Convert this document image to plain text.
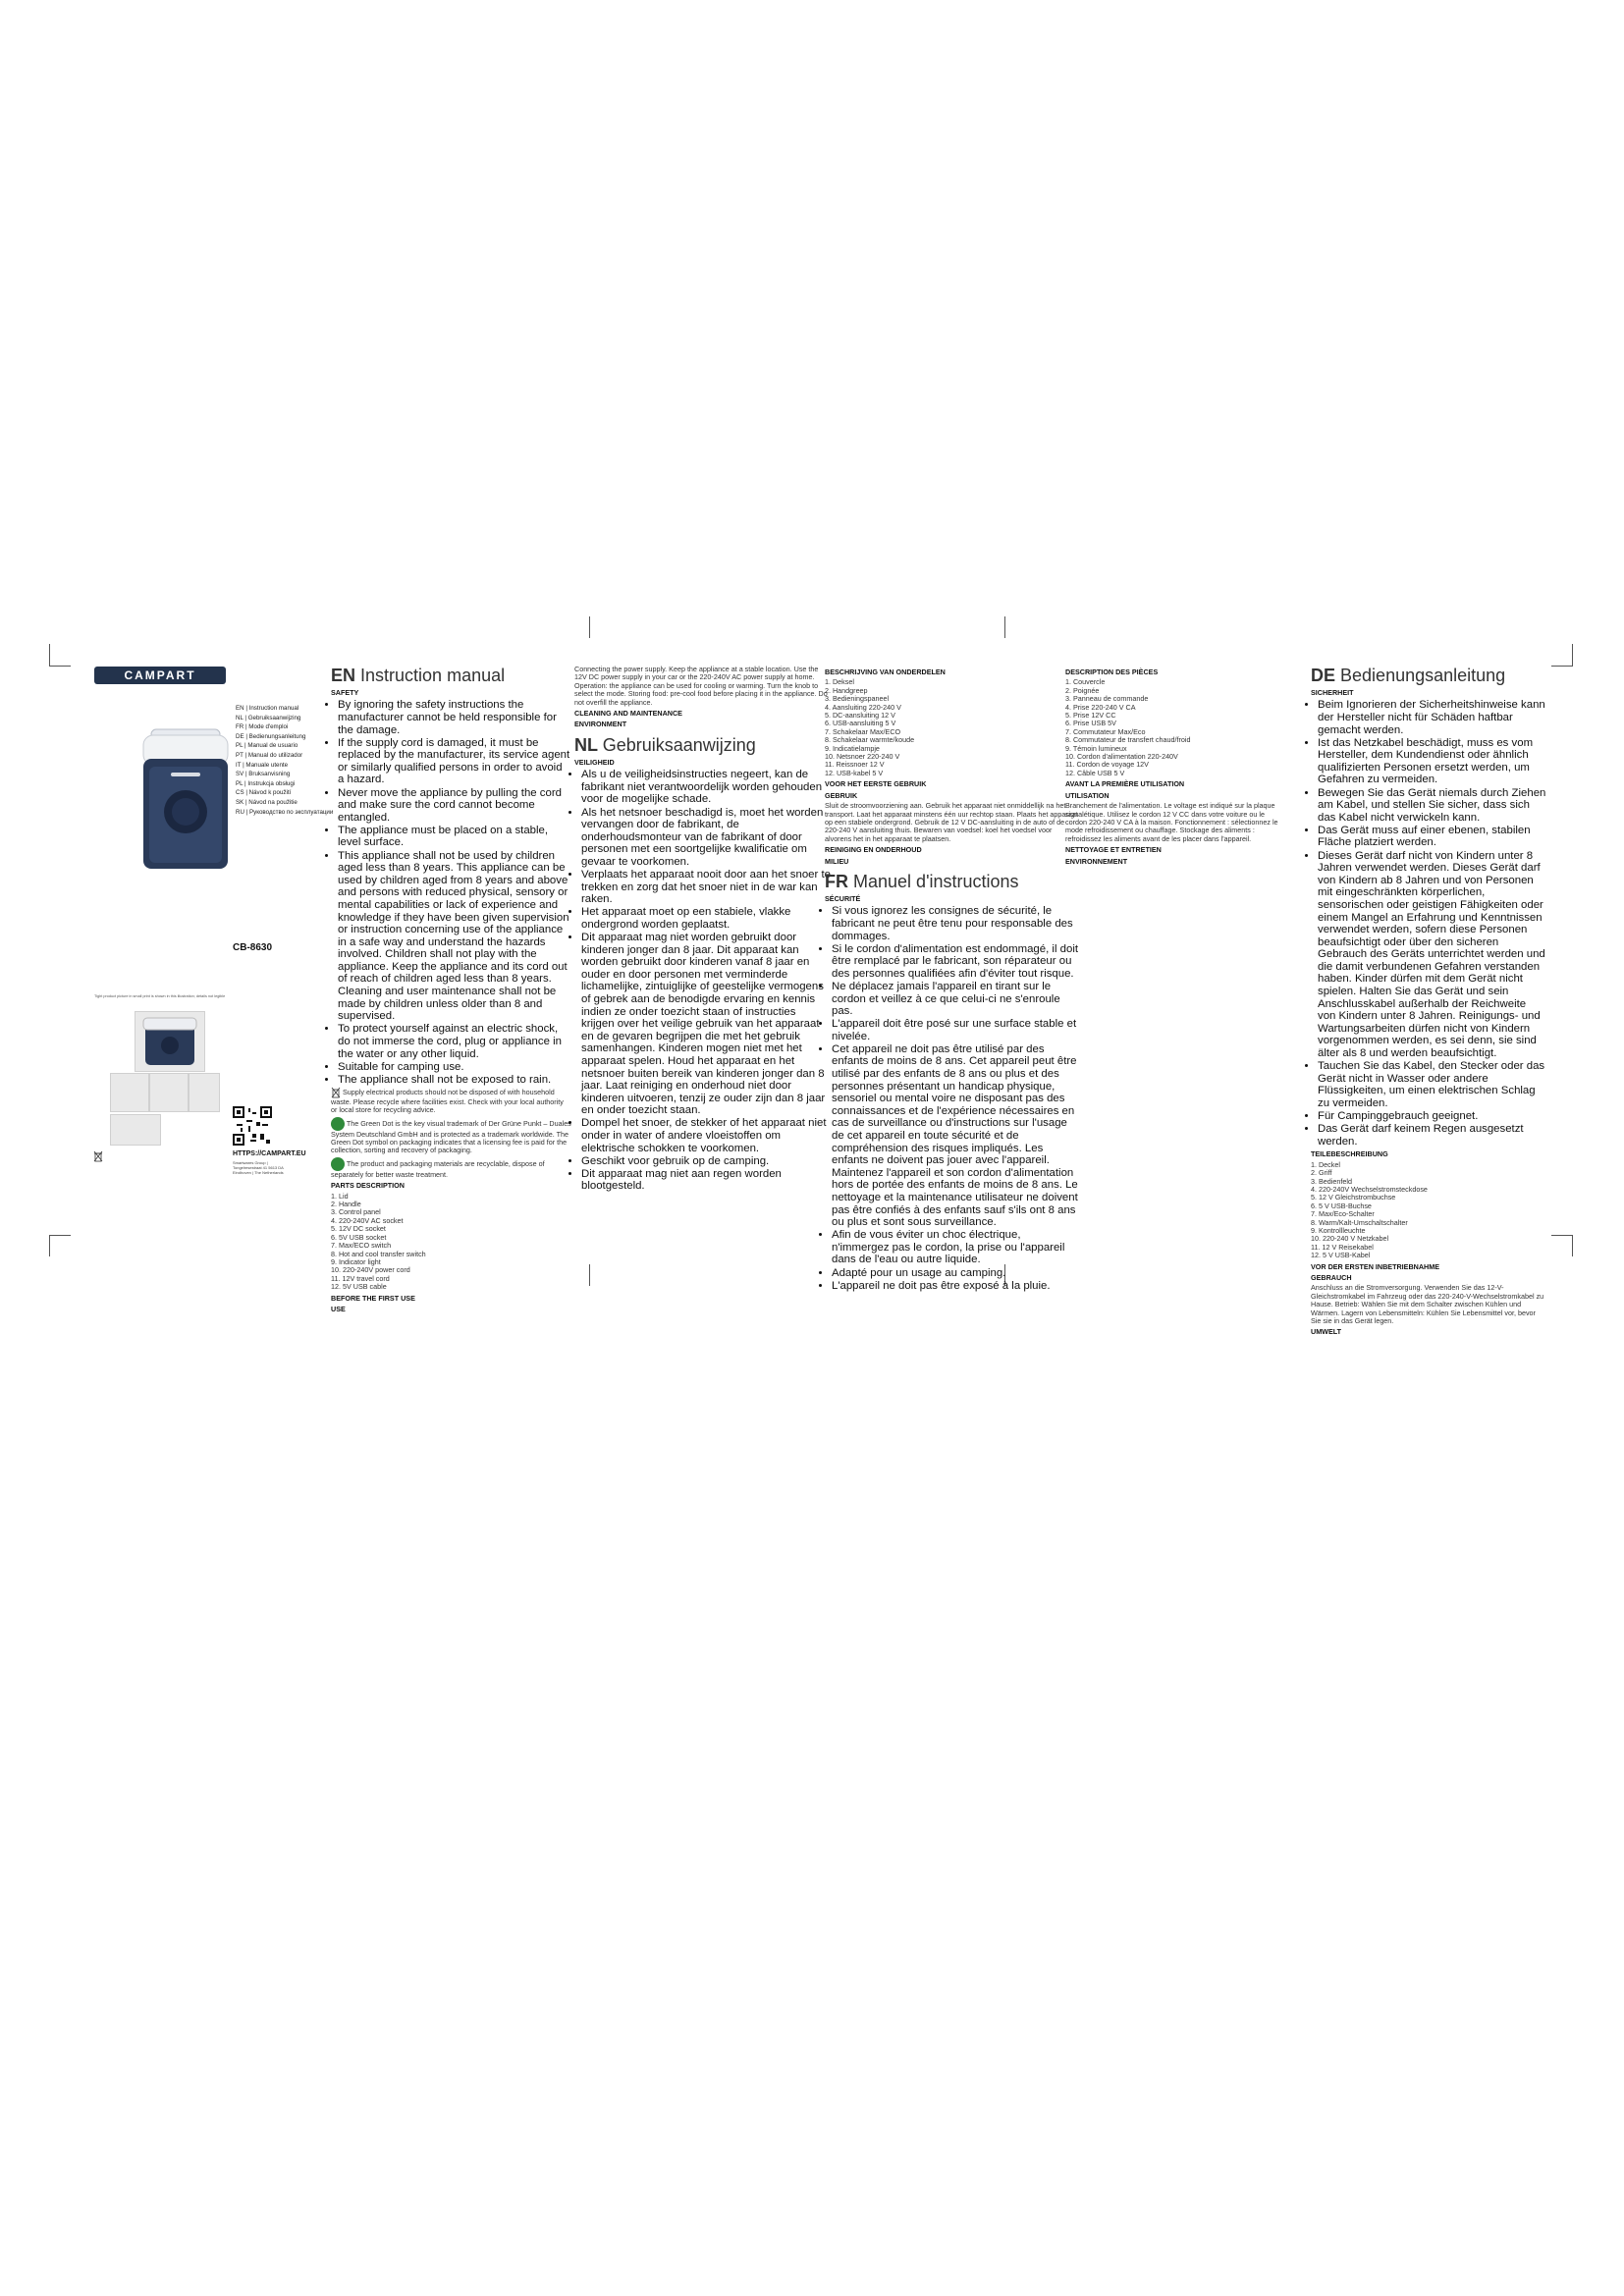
CAMPART
EN | Instruction manual
NL | Gebruiksaanwijzing
FR | Mode d'emploi
DE | Bedienungsanleitung
PL | Manual de usuario
PT | Manual do utilizador
IT | Manuale utente
SV | Bruksanvisning
PL | Instrukcja obsługi
CS | Návod k použití
SK | Návod na použitie
RU | Руководство по эксплуатации
CB-8630
Tight product picture in small print is shown in this illustration; details not legible
HTTPS://CAMPART.EU
Smartwares Group | Tongelresestraat 41 5613 DA Eindhoven | The Netherlands
EN Instruction manual

SAFETY

• By ignoring the safety instructions the manufacturer cannot be held responsible for the damage.
• If the supply cord is damaged, it must be replaced by the manufacturer, its service agent or similarly qualified persons in order to avoid a hazard.
• Never move the appliance by pulling the cord and make sure the cord cannot become entangled.
• The appliance must be placed on a stable, level surface.
• This appliance shall not be used by children aged less than 8 years. This appliance can be used by children aged from 8 years and above and persons with reduced physical, sensory or mental capabilities or lack of experience and knowledge if they have been given supervision or instruction concerning use of the appliance in a safe way and understand the hazards involved. Children shall not play with the appliance. Keep the appliance and its cord out of reach of children aged less than 8 years. Cleaning and user maintenance shall not be made by children unless older than 8 and supervised.
• To protect yourself against an electric shock, do not immerse the cord, plug or appliance in the water or any other liquid.
• Suitable for camping use.
• The appliance shall not be exposed to rain.

Supply electrical products should not be disposed of with household waste. Please recycle where facilities exist. Check with your local authority or local store for recycling advice.

The Green Dot is the key visual trademark of Der Grüne Punkt – Duales System Deutschland GmbH and is protected as a trademark worldwide. The Green Dot symbol on packaging indicates that a licensing fee is paid for the collection, sorting and recovery of packaging.

The product and packaging materials are recyclable, dispose of separately for better waste treatment.

PARTS DESCRIPTION

1. Lid
2. Handle
3. Control panel
4. 220-240V AC socket
5. 12V DC socket
6. 5V USB socket
7. Max/ECO switch
8. Hot and cool transfer switch
9. Indicator light
10. 220-240V power cord
11. 12V travel cord
12. 5V USB cable

BEFORE THE FIRST USE

USE

Connecting the power supply. Keep the appliance at a stable location. Use the 12V DC power supply in your car or the 220-240V AC power supply at home. Operation: the appliance can be used for cooling or warming. Turn the knob to select the mode. Storing food: pre-cool food before placing it in the appliance. Do not overfill the appliance.

CLEANING AND MAINTENANCE

ENVIRONMENT

NL Gebruiksaanwijzing

VEILIGHEID

• Als u de veiligheidsinstructies negeert, kan de fabrikant niet verantwoordelijk worden gehouden voor de mogelijke schade.
• Als het netsnoer beschadigd is, moet het worden vervangen door de fabrikant, de onderhoudsmonteur van de fabrikant of door personen met een soortgelijke kwalificatie om gevaar te voorkomen.
• Verplaats het apparaat nooit door aan het snoer te trekken en zorg dat het snoer niet in de war kan raken.
• Het apparaat moet op een stabiele, vlakke ondergrond worden geplaatst.
• Dit apparaat mag niet worden gebruikt door kinderen jonger dan 8 jaar. Dit apparaat kan worden gebruikt door kinderen vanaf 8 jaar en ouder en door personen met verminderde lichamelijke, zintuiglijke of geestelijke vermogens of gebrek aan de benodigde ervaring en kennis indien ze onder toezicht staan of instructies krijgen over het veilige gebruik van het apparaat en de gevaren begrijpen die met het gebruik samenhangen. Kinderen mogen niet met het apparaat spelen. Houd het apparaat en het netsnoer buiten bereik van kinderen jonger dan 8 jaar. Laat reiniging en onderhoud niet door kinderen uitvoeren, tenzij ze ouder zijn dan 8 jaar en onder toezicht staan.
• Dompel het snoer, de stekker of het apparaat niet onder in water of andere vloeistoffen om elektrische schokken te voorkomen.
• Geschikt voor gebruik op de camping.
• Dit apparaat mag niet aan regen worden blootgesteld.

BESCHRIJVING VAN ONDERDELEN

1. Deksel
2. Handgreep
3. Bedieningspaneel
4. Aansluiting 220-240 V
5. DC-aansluiting 12 V
6. USB-aansluiting 5 V
7. Schakelaar Max/ECO
8. Schakelaar warmte/koude
9. Indicatielampje
10. Netsnoer 220-240 V
11. Reissnoer 12 V
12. USB-kabel 5 V

VOOR HET EERSTE GEBRUIK

GEBRUIK

Sluit de stroomvoorziening aan. Gebruik het apparaat niet onmiddellijk na het transport. Laat het apparaat minstens één uur rechtop staan. Plaats het apparaat op een stabiele ondergrond. Gebruik de 12 V DC-aansluiting in de auto of de 220-240 V aansluiting thuis. Bewaren van voedsel: koel het voedsel voor alvorens het in het apparaat te plaatsen.

REINIGING EN ONDERHOUD

MILIEU

FR Manuel d'instructions

SÉCURITÉ

• Si vous ignorez les consignes de sécurité, le fabricant ne peut être tenu pour responsable des dommages.
• Si le cordon d'alimentation est endommagé, il doit être remplacé par le fabricant, son réparateur ou des personnes qualifiées afin d'éviter tout risque.
• Ne déplacez jamais l'appareil en tirant sur le cordon et veillez à ce que celui-ci ne s'enroule pas.
• L'appareil doit être posé sur une surface stable et nivelée.
• Cet appareil ne doit pas être utilisé par des enfants de moins de 8 ans. Cet appareil peut être utilisé par des enfants de 8 ans ou plus et des personnes présentant un handicap physique, sensoriel ou mental voire ne disposant pas des connaissances et de l'expérience nécessaires en cas de surveillance ou d'instructions sur l'usage de cet appareil en toute sécurité et de compréhension des risques impliqués. Les enfants ne doivent pas jouer avec l'appareil. Maintenez l'appareil et son cordon d'alimentation hors de portée des enfants de moins de 8 ans. Le nettoyage et la maintenance utilisateur ne doivent pas être confiés à des enfants sauf s'ils ont 8 ans ou plus et sont sous surveillance.
• Afin de vous éviter un choc électrique, n'immergez pas le cordon, la prise ou l'appareil dans de l'eau ou autre liquide.
• Adapté pour un usage au camping.
• L'appareil ne doit pas être exposé à la pluie.

DESCRIPTION DES PIÈCES

1. Couvercle
2. Poignée
3. Panneau de commande
4. Prise 220-240 V CA
5. Prise 12V CC
6. Prise USB 5V
7. Commutateur Max/Eco
8. Commutateur de transfert chaud/froid
9. Témoin lumineux
10. Cordon d'alimentation 220-240V
11. Cordon de voyage 12V
12. Câble USB 5 V

AVANT LA PREMIÈRE UTILISATION

UTILISATION

Branchement de l'alimentation. Le voltage est indiqué sur la plaque signalétique. Utilisez le cordon 12 V CC dans votre voiture ou le cordon 220-240 V CA à la maison. Fonctionnement : sélectionnez le mode refroidissement ou chauffage. Stockage des aliments : refroidissez les aliments avant de les placer dans l'appareil.

NETTOYAGE ET ENTRETIEN

ENVIRONNEMENT

DE Bedienungsanleitung

SICHERHEIT

• Beim Ignorieren der Sicherheitshinweise kann der Hersteller nicht für Schäden haftbar gemacht werden.
• Ist das Netzkabel beschädigt, muss es vom Hersteller, dem Kundendienst oder ähnlich qualifizierten Personen ersetzt werden, um Gefahren zu vermeiden.
• Bewegen Sie das Gerät niemals durch Ziehen am Kabel, und stellen Sie sicher, dass sich das Kabel nicht verwickeln kann.
• Das Gerät muss auf einer ebenen, stabilen Fläche platziert werden.
• Dieses Gerät darf nicht von Kindern unter 8 Jahren verwendet werden. Dieses Gerät darf von Kindern ab 8 Jahren und von Personen mit eingeschränkten körperlichen, sensorischen oder geistigen Fähigkeiten oder einem Mangel an Erfahrung und Kenntnissen verwendet werden, sofern diese Personen beaufsichtigt oder über den sicheren Gebrauch des Geräts unterrichtet werden und die damit verbundenen Gefahren verstanden haben. Kinder dürfen mit dem Gerät nicht spielen. Halten Sie das Gerät und sein Anschlusskabel außerhalb der Reichweite von Kindern unter 8 Jahren. Reinigungs- und Wartungsarbeiten dürfen nicht von Kindern vorgenommen werden, es sei denn, sie sind älter als 8 und werden beaufsichtigt.
• Tauchen Sie das Kabel, den Stecker oder das Gerät nicht in Wasser oder andere Flüssigkeiten, um einen elektrischen Schlag zu vermeiden.
• Für Campinggebrauch geeignet.
• Das Gerät darf keinem Regen ausgesetzt werden.

TEILEBESCHREIBUNG

1. Deckel
2. Griff
3. Bedienfeld
4. 220-240V Wechselstromsteckdose
5. 12 V Gleichstrombuchse
6. 5 V USB-Buchse
7. Max/Eco-Schalter
8. Warm/Kalt-Umschaltschalter
9. Kontrollleuchte
10. 220-240 V Netzkabel
11. 12 V Reisekabel
12. 5 V USB-Kabel

VOR DER ERSTEN INBETRIEBNAHME

GEBRAUCH

Anschluss an die Stromversorgung. Verwenden Sie das 12-V-Gleichstromkabel im Fahrzeug oder das 220-240-V-Wechselstromkabel zu Hause. Betrieb: Wählen Sie mit dem Schalter zwischen Kühlen und Wärmen. Lagern von Lebensmitteln: Kühlen Sie Lebensmittel vor, bevor Sie sie in das Gerät legen.

UMWELT
